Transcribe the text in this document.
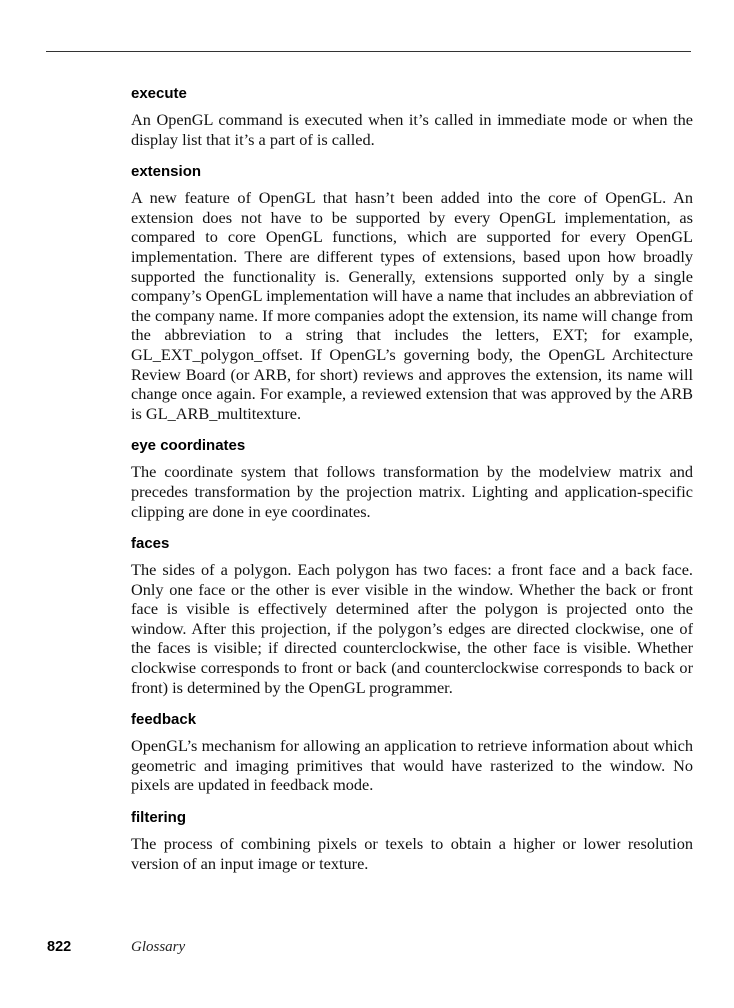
execute

An OpenGL command is executed when it’s called in immediate mode or when the display list that it’s a part of is called.

extension

A new feature of OpenGL that hasn’t been added into the core of OpenGL. An extension does not have to be supported by every OpenGL implementation, as compared to core OpenGL functions, which are supported for every OpenGL implementation. There are different types of extensions, based upon how broadly supported the functionality is. Generally, extensions supported only by a single company’s OpenGL implementation will have a name that includes an abbreviation of the company name. If more companies adopt the extension, its name will change from the abbreviation to a string that includes the letters, EXT; for example, GL_EXT_polygon_offset. If OpenGL’s governing body, the OpenGL Architecture Review Board (or ARB, for short) reviews and approves the extension, its name will change once again. For example, a reviewed extension that was approved by the ARB is GL_ARB_multitexture.

eye coordinates

The coordinate system that follows transformation by the modelview matrix and precedes transformation by the projection matrix. Lighting and application-specific clipping are done in eye coordinates.

faces

The sides of a polygon. Each polygon has two faces: a front face and a back face. Only one face or the other is ever visible in the window. Whether the back or front face is visible is effectively determined after the polygon is projected onto the window. After this projection, if the polygon’s edges are directed clockwise, one of the faces is visible; if directed counterclockwise, the other face is visible. Whether clockwise corresponds to front or back (and counterclockwise corresponds to back or front) is determined by the OpenGL programmer.

feedback

OpenGL’s mechanism for allowing an application to retrieve information about which geometric and imaging primitives that would have rasterized to the window. No pixels are updated in feedback mode.

filtering

The process of combining pixels or texels to obtain a higher or lower resolution version of an input image or texture.

822	Glossary
